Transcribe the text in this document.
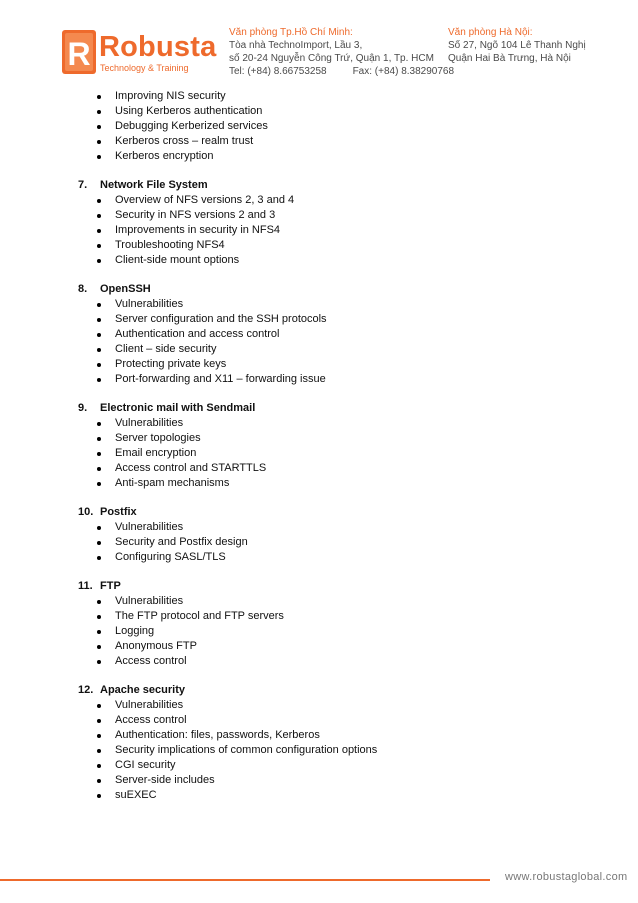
R Robusta
Technology & Training
Văn phòng Tp.Hồ Chí Minh:
Tòa nhà TechnoImport, Lầu 3,
số 20-24 Nguyễn Công Trứ, Quận 1, Tp. HCM
Tel: (+84) 8.66753258	Fax: (+84) 8.38290768
Văn phòng Hà Nội:
Số 27, Ngõ 104 Lê Thanh Nghị
Quận Hai Bà Trưng, Hà Nội
Improving NIS security
Using Kerberos authentication
Debugging Kerberized services
Kerberos cross – realm trust
Kerberos encryption
7. Network File System
Overview of NFS versions 2, 3 and 4
Security in NFS versions 2 and 3
Improvements in security in NFS4
Troubleshooting NFS4
Client-side mount options
8. OpenSSH
Vulnerabilities
Server configuration and the SSH protocols
Authentication and access control
Client – side security
Protecting private keys
Port-forwarding and X11 – forwarding issue
9. Electronic mail with Sendmail
Vulnerabilities
Server topologies
Email encryption
Access control and STARTTLS
Anti-spam mechanisms
10. Postfix
Vulnerabilities
Security and Postfix design
Configuring SASL/TLS
11. FTP
Vulnerabilities
The FTP protocol and FTP servers
Logging
Anonymous FTP
Access control
12. Apache security
Vulnerabilities
Access control
Authentication: files, passwords, Kerberos
Security implications of common configuration options
CGI security
Server-side includes
suEXEC
www.robustaglobal.com
